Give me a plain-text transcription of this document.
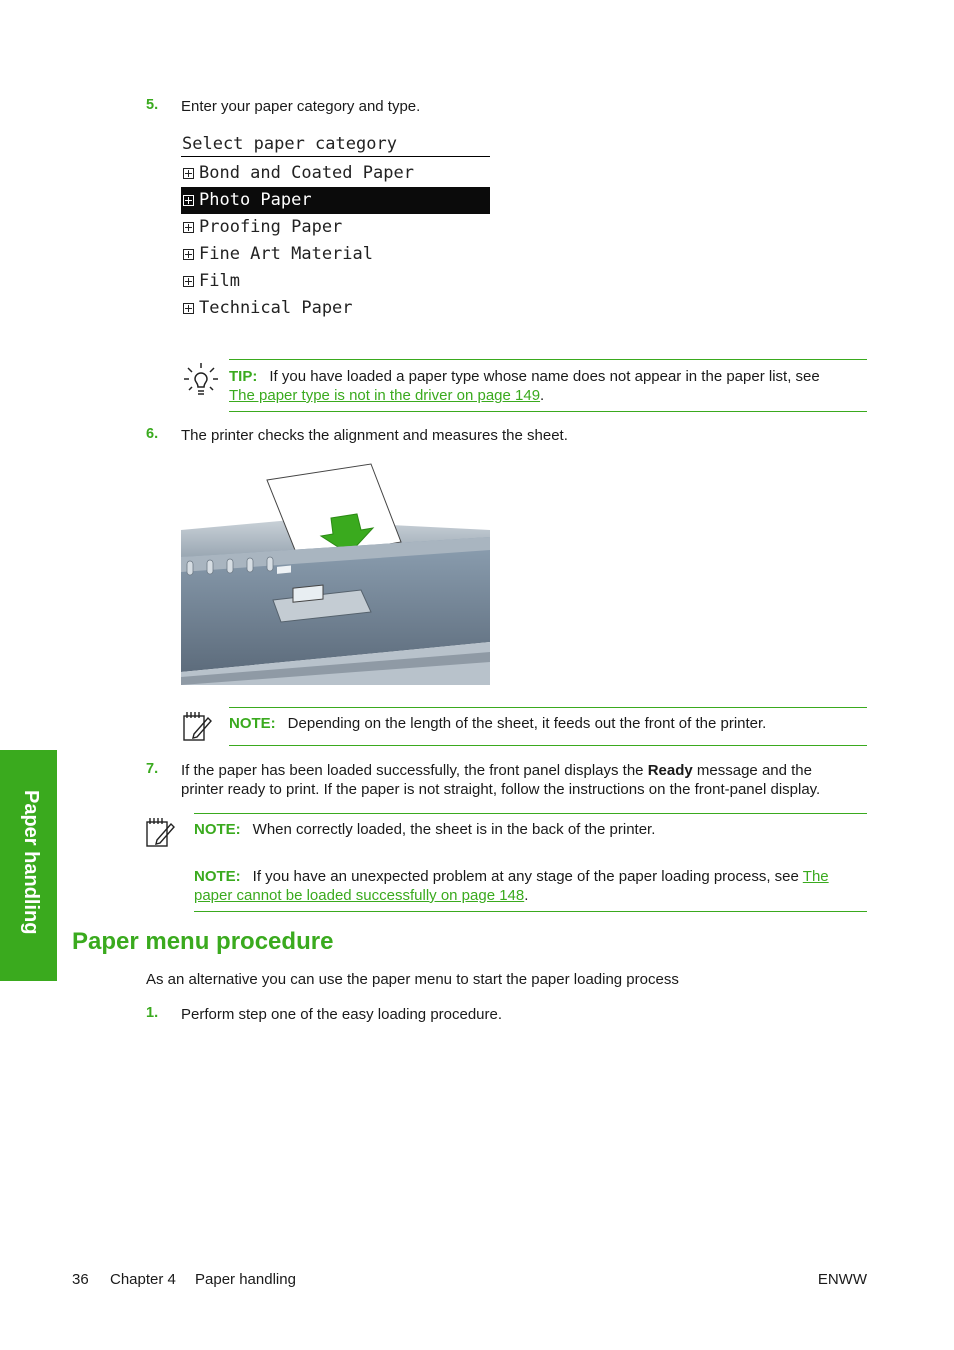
5. Enter your paper category and type.
Select paper category
Bond and Coated Paper
Photo Paper
Proofing Paper
Fine Art Material
Film
Technical Paper
TIP: If you have loaded a paper type whose name does not appear in the paper list, see
The paper type is not in the driver on page 149.
6. The printer checks the alignment and measures the sheet.
NOTE: Depending on the length of the sheet, it feeds out the front of the printer.
7. If the paper has been loaded successfully, the front panel displays the Ready message and the
printer ready to print. If the paper is not straight, follow the instructions on the front-panel display.
NOTE: When correctly loaded, the sheet is in the back of the printer.
NOTE: If you have an unexpected problem at any stage of the paper loading process, see The
paper cannot be loaded successfully on page 148.
Paper handling
Paper menu procedure
As an alternative you can use the paper menu to start the paper loading process
1. Perform step one of the easy loading procedure.
36 Chapter 4 Paper handling	ENWW
